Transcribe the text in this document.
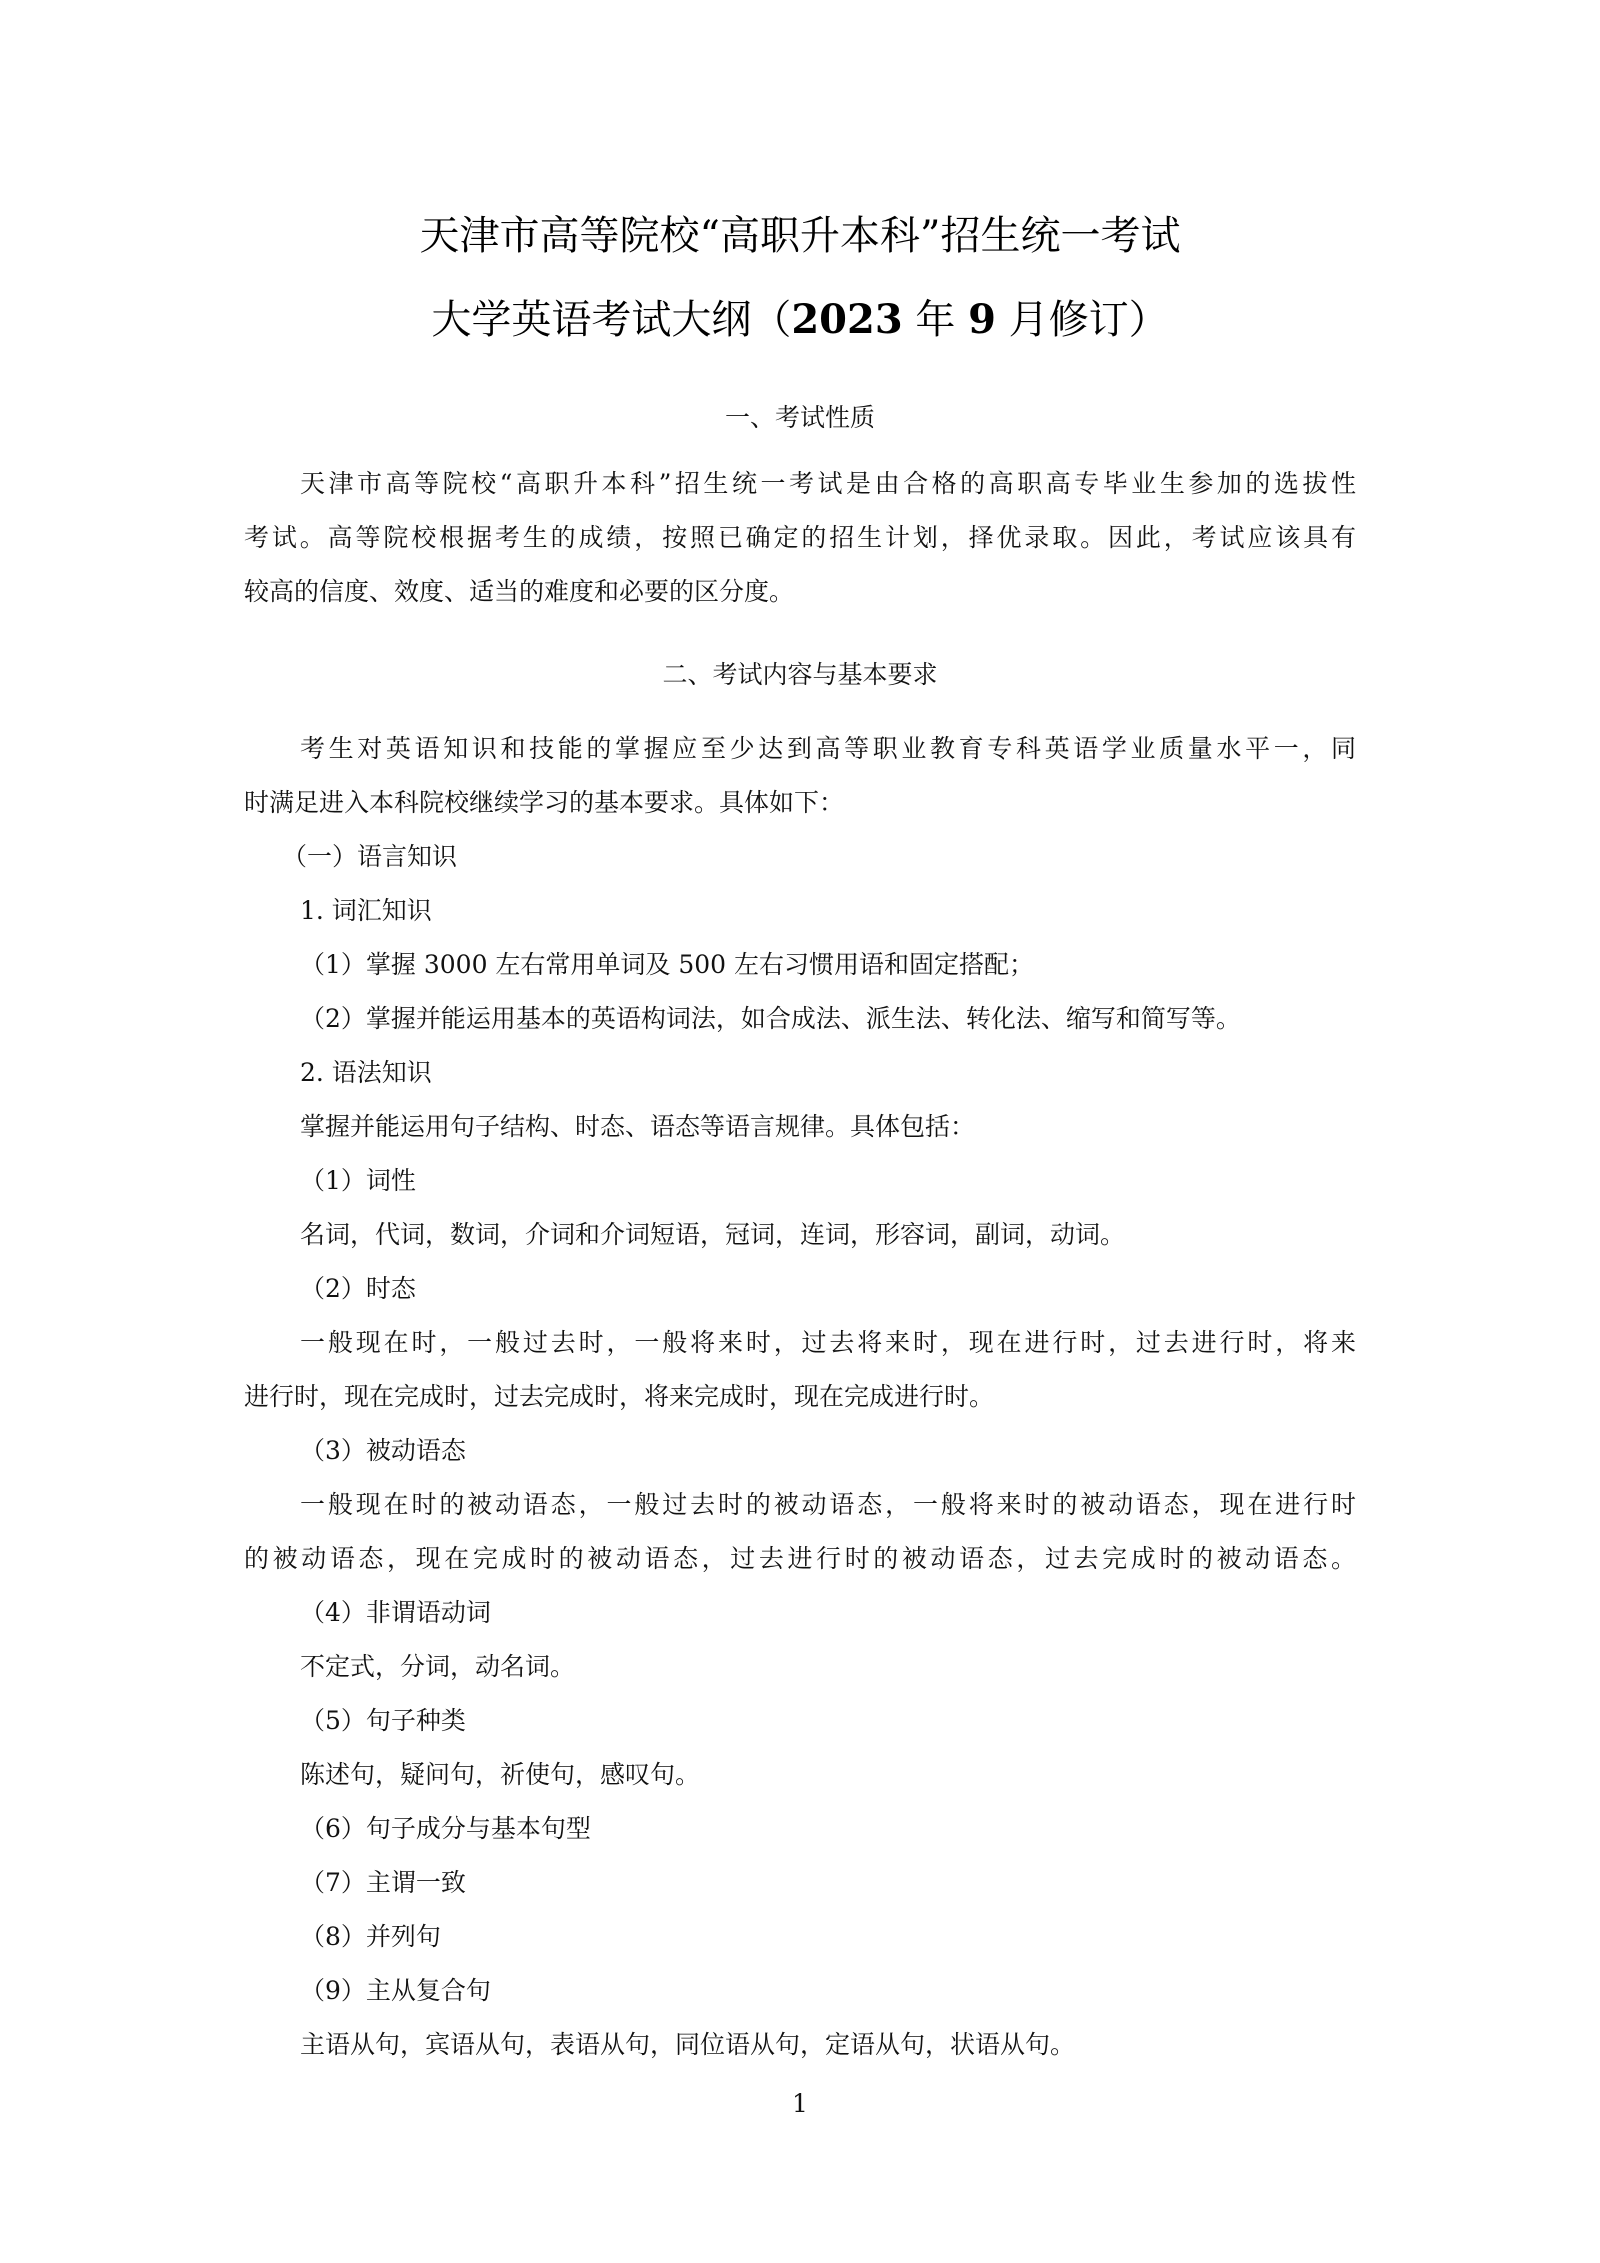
天津市高等院校“高职升本科”招生统一考试
大学英语考试大纲（2023 年 9 月修订）
一、考试性质
天津市高等院校“高职升本科”招生统一考试是由合格的高职高专毕业生参加的选拔性
考试。高等院校根据考生的成绩，按照已确定的招生计划，择优录取。因此，考试应该具有
较高的信度、效度、适当的难度和必要的区分度。
二、考试内容与基本要求
考生对英语知识和技能的掌握应至少达到高等职业教育专科英语学业质量水平一，同
时满足进入本科院校继续学习的基本要求。具体如下：
（一）语言知识
1. 词汇知识
（1）掌握 3000 左右常用单词及 500 左右习惯用语和固定搭配；
（2）掌握并能运用基本的英语构词法，如合成法、派生法、转化法、缩写和简写等。
2. 语法知识
掌握并能运用句子结构、时态、语态等语言规律。具体包括：
（1）词性
名词，代词，数词，介词和介词短语，冠词，连词，形容词，副词，动词。
（2）时态
一般现在时，一般过去时，一般将来时，过去将来时，现在进行时，过去进行时，将来
进行时，现在完成时，过去完成时，将来完成时，现在完成进行时。
（3）被动语态
一般现在时的被动语态，一般过去时的被动语态，一般将来时的被动语态，现在进行时
的被动语态，现在完成时的被动语态，过去进行时的被动语态，过去完成时的被动语态。
（4）非谓语动词
不定式，分词，动名词。
（5）句子种类
陈述句，疑问句，祈使句，感叹句。
（6）句子成分与基本句型
（7）主谓一致
（8）并列句
（9）主从复合句
主语从句，宾语从句，表语从句，同位语从句，定语从句，状语从句。
1
